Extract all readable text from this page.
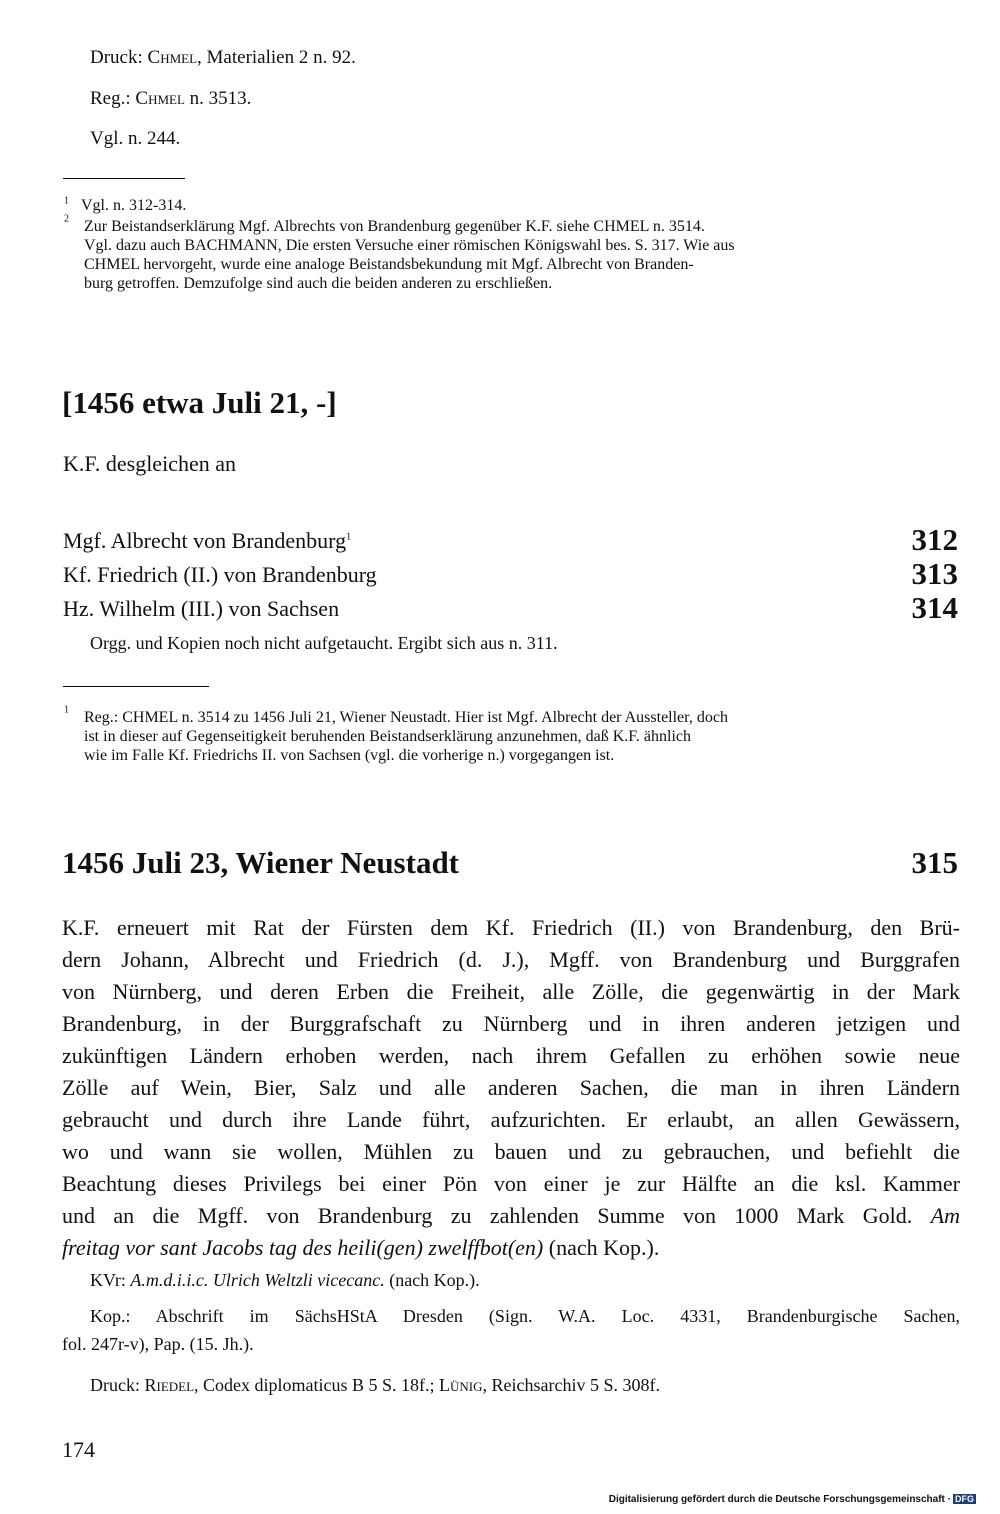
Druck: Chmel, Materialien 2 n. 92.
Reg.: Chmel n. 3513.
Vgl. n. 244.
$^1$ Vgl. n. 312-314.
$^2$ Zur Beistandserklärung Mgf. Albrechts von Brandenburg gegenüber K.F. siehe CHMEL n. 3514.
Vgl. dazu auch BACHMANN, Die ersten Versuche einer römischen Königswahl bes. S. 317. Wie aus
CHMEL hervorgeht, wurde eine analoge Beistandsbekundung mit Mgf. Albrecht von Branden-
burg getroffen. Demzufolge sind auch die beiden anderen zu erschließen.
[1456 etwa Juli 21, -]
K.F. desgleichen an
Mgf. Albrecht von Brandenburg$^1$	312
Kf. Friedrich (II.) von Brandenburg	313
Hz. Wilhelm (III.) von Sachsen	314
Orgg. und Kopien noch nicht aufgetaucht. Ergibt sich aus n. 311.
$^1$ Reg.: CHMEL n. 3514 zu 1456 Juli 21, Wiener Neustadt. Hier ist Mgf. Albrecht der Aussteller, doch
ist in dieser auf Gegenseitigkeit beruhenden Beistandserklärung anzunehmen, daß K.F. ähnlich
wie im Falle Kf. Friedrichs II. von Sachsen (vgl. die vorherige n.) vorgegangen ist.
1456 Juli 23, Wiener Neustadt	315
K.F. erneuert mit Rat der Fürsten dem Kf. Friedrich (II.) von Brandenburg, den Brü-
dern Johann, Albrecht und Friedrich (d. J.), Mgff. von Brandenburg und Burggrafen
von Nürnberg, und deren Erben die Freiheit, alle Zölle, die gegenwärtig in der Mark
Brandenburg, in der Burggrafschaft zu Nürnberg und in ihren anderen jetzigen und
zukünftigen Ländern erhoben werden, nach ihrem Gefallen zu erhöhen sowie neue
Zölle auf Wein, Bier, Salz und alle anderen Sachen, die man in ihren Ländern
gebraucht und durch ihre Lande führt, aufzurichten. Er erlaubt, an allen Gewässern,
wo und wann sie wollen, Mühlen zu bauen und zu gebrauchen, und befiehlt die
Beachtung dieses Privilegs bei einer Pön von einer je zur Hälfte an die ksl. Kammer
und an die Mgff. von Brandenburg zu zahlenden Summe von 1000 Mark Gold. Am
freitag vor sant Jacobs tag des heili(gen) zwelffbot(en) (nach Kop.).
KVr: A.m.d.i.i.c. Ulrich Weltzli vicecanc. (nach Kop.).
Kop.: Abschrift im SächsHStA Dresden (Sign. W.A. Loc. 4331, Brandenburgische Sachen,
fol. 247r-v), Pap. (15. Jh.).
Druck: Riedel, Codex diplomaticus B 5 S. 18f.; Lünig, Reichsarchiv 5 S. 308f.
174
Digitalisierung gefördert durch die Deutsche Forschungsgemeinschaft · DFG
